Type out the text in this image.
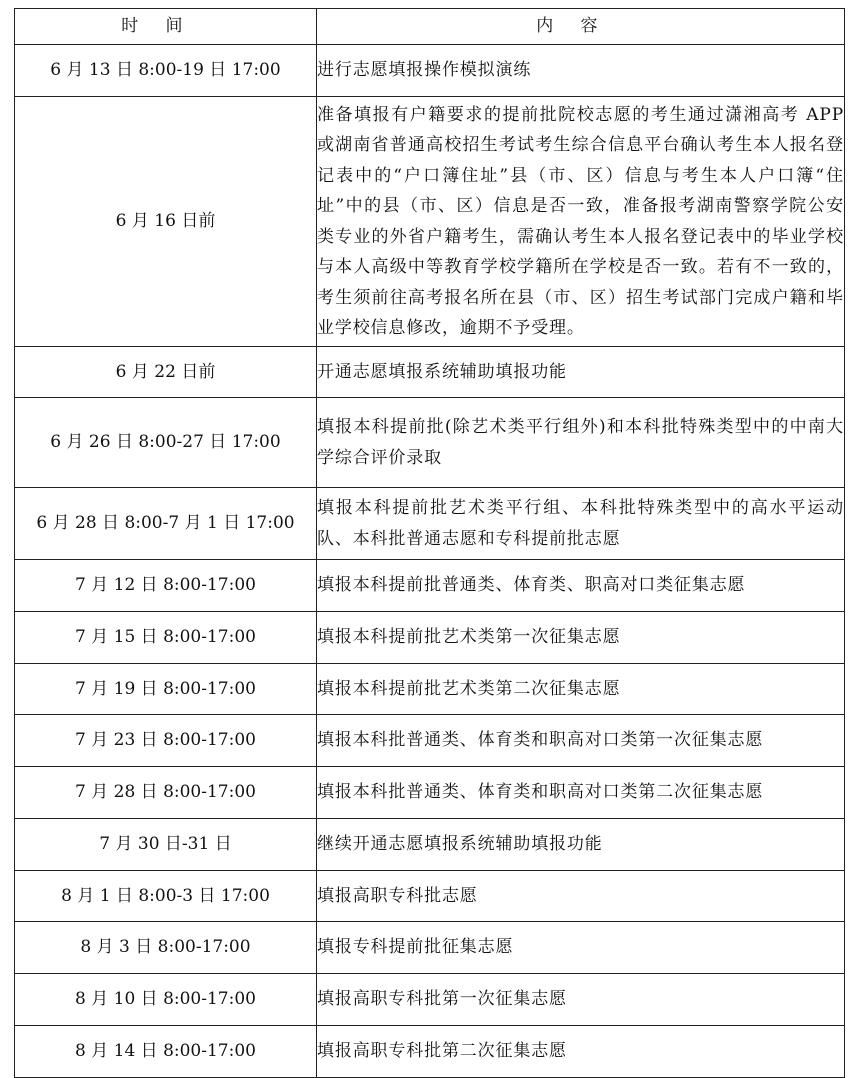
时间	内容
6 月 13 日 8:00-19 日 17:00	进行志愿填报操作模拟演练
6 月 16 日前	准备填报有户籍要求的提前批院校志愿的考生通过潇湘高考 APP 或湖南省普通高校招生考试考生综合信息平台确认考生本人报名登记表中的“户口簿住址”县（市、区）信息与考生本人户口簿“住址”中的县（市、区）信息是否一致，准备报考湖南警察学院公安类专业的外省户籍考生，需确认考生本人报名登记表中的毕业学校与本人高级中等教育学校学籍所在学校是否一致。若有不一致的，考生须前往高考报名所在县（市、区）招生考试部门完成户籍和毕业学校信息修改，逾期不予受理。
6 月 22 日前	开通志愿填报系统辅助填报功能
6 月 26 日 8:00-27 日 17:00	填报本科提前批(除艺术类平行组外)和本科批特殊类型中的中南大学综合评价录取
6 月 28 日 8:00-7 月 1 日 17:00	填报本科提前批艺术类平行组、本科批特殊类型中的高水平运动队、本科批普通志愿和专科提前批志愿
7 月 12 日 8:00-17:00	填报本科提前批普通类、体育类、职高对口类征集志愿
7 月 15 日 8:00-17:00	填报本科提前批艺术类第一次征集志愿
7 月 19 日 8:00-17:00	填报本科提前批艺术类第二次征集志愿
7 月 23 日 8:00-17:00	填报本科批普通类、体育类和职高对口类第一次征集志愿
7 月 28 日 8:00-17:00	填报本科批普通类、体育类和职高对口类第二次征集志愿
7 月 30 日-31 日	继续开通志愿填报系统辅助填报功能
8 月 1 日 8:00-3 日 17:00	填报高职专科批志愿
8 月 3 日 8:00-17:00	填报专科提前批征集志愿
8 月 10 日 8:00-17:00	填报高职专科批第一次征集志愿
8 月 14 日 8:00-17:00	填报高职专科批第二次征集志愿
